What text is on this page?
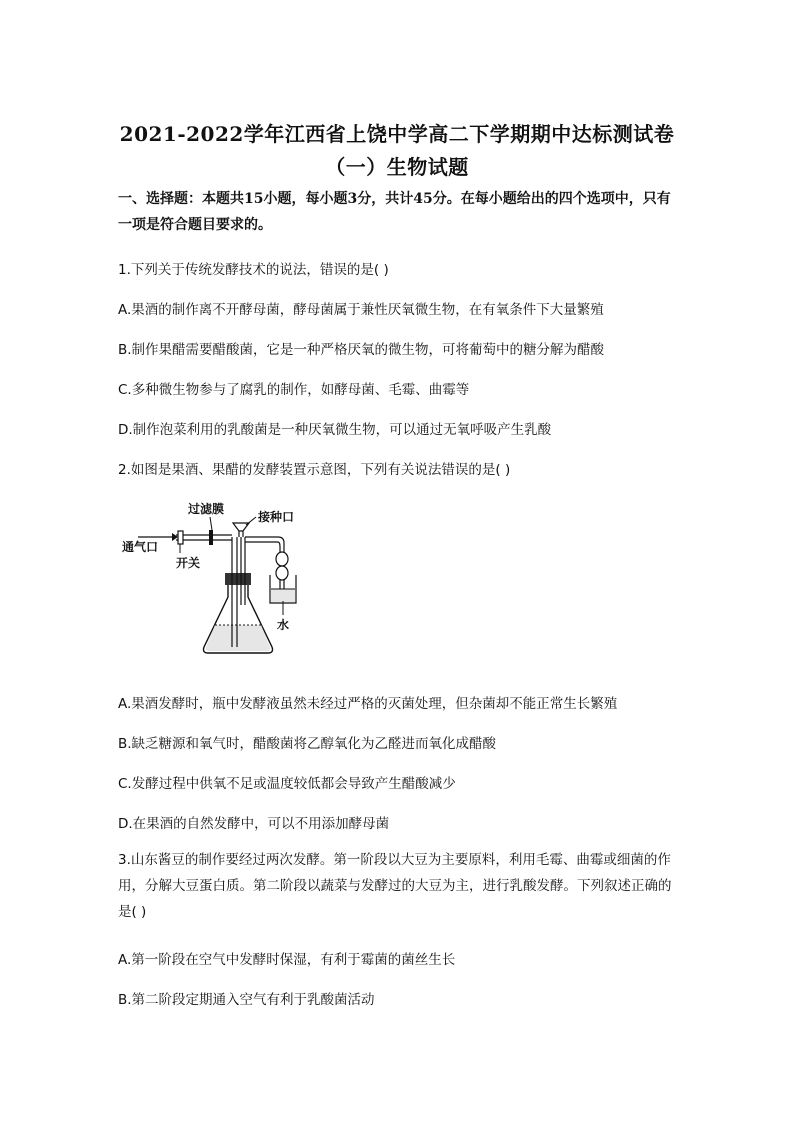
2021-2022学年江西省上饶中学高二下学期期中达标测试卷
（一）生物试题
一、选择题：本题共15小题，每小题3分，共计45分。在每小题给出的四个选项中，只有一项是符合题目要求的。
1.下列关于传统发酵技术的说法，错误的是( )
A.果酒的制作离不开酵母菌，酵母菌属于兼性厌氧微生物，在有氧条件下大量繁殖
B.制作果醋需要醋酸菌，它是一种严格厌氧的微生物，可将葡萄中的糖分解为醋酸
C.多种微生物参与了腐乳的制作，如酵母菌、毛霉、曲霉等
D.制作泡菜利用的乳酸菌是一种厌氧微生物，可以通过无氧呼吸产生乳酸
2.如图是果酒、果醋的发酵装置示意图，下列有关说法错误的是( )
过滤膜
接种口
通气口
开关
水
A.果酒发酵时，瓶中发酵液虽然未经过严格的灭菌处理，但杂菌却不能正常生长繁殖
B.缺乏糖源和氧气时，醋酸菌将乙醇氧化为乙醛进而氧化成醋酸
C.发酵过程中供氧不足或温度较低都会导致产生醋酸减少
D.在果酒的自然发酵中，可以不用添加酵母菌
3.山东酱豆的制作要经过两次发酵。第一阶段以大豆为主要原料，利用毛霉、曲霉或细菌的作用，分解大豆蛋白质。第二阶段以蔬菜与发酵过的大豆为主，进行乳酸发酵。下列叙述正确的是( )
A.第一阶段在空气中发酵时保湿，有利于霉菌的菌丝生长
B.第二阶段定期通入空气有利于乳酸菌活动
